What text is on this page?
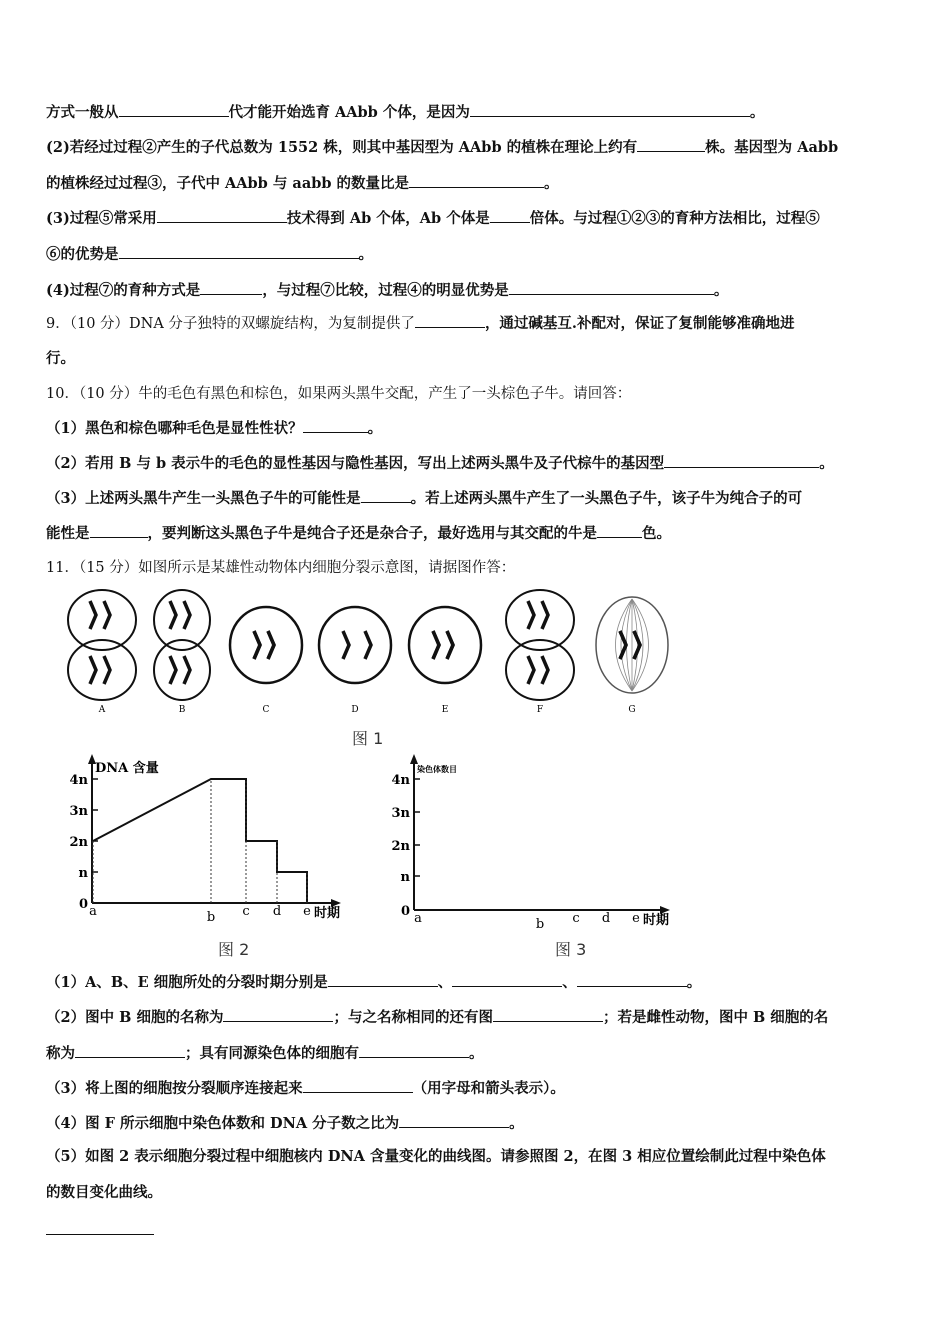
方式一般从	代才能开始选育 AAbb 个体，是因为	。
(2)若经过过程②产生的子代总数为 1552 株，则其中基因型为 AAbb 的植株在理论上约有	株。基因型为 Aabb
的植株经过过程③，子代中 AAbb 与 aabb 的数量比是	。
(3)过程⑤常采用	技术得到 Ab 个体，Ab 个体是	倍体。与过程①②③的育种方法相比，过程⑤
⑥的优势是	。
(4)过程⑦的育种方式是	，与过程⑦比较，过程④的明显优势是	。
9．（10 分）DNA 分子独特的双螺旋结构，为复制提供了	，通过碱基互.补配对，保证了复制能够准确地进
行。
10．（10 分）牛的毛色有黑色和棕色，如果两头黑牛交配，产生了一头棕色子牛。请回答：
（1）黑色和棕色哪种毛色是显性性状？	。
（2）若用 B 与 b 表示牛的毛色的显性基因与隐性基因，写出上述两头黑牛及子代棕牛的基因型	。
（3）上述两头黑牛产生一头黑色子牛的可能性是	。若上述两头黑牛产生了一头黑色子牛，该子牛为纯合子的可
能性是	，要判断这头黑色子牛是纯合子还是杂合子，最好选用与其交配的牛是	色。
11．（15 分）如图所示是某雄性动物体内细胞分裂示意图，请据图作答：
（1）A、B、E 细胞所处的分裂时期分别是	、	、	。
（2）图中 B 细胞的名称为	；与之名称相同的还有图	；若是雌性动物，图中 B 细胞的名
称为	；具有同源染色体的细胞有	。
（3）将上图的细胞按分裂顺序连接起来	（用字母和箭头表示）。
（4）图 F 所示细胞中染色体数和 DNA 分子数之比为	。
（5）如图 2 表示细胞分裂过程中细胞核内 DNA 含量变化的曲线图。请参照图 2，在图 3 相应位置绘制此过程中染色体
的数目变化曲线。
A	B	C	D	E	F	G
图 1
DNA 含量
0
n
2n
3n
4n
a	b c d e 时期
染色体数目
0
n
2n
3n
4n
a	b c d e 时期
图 2	图 3
